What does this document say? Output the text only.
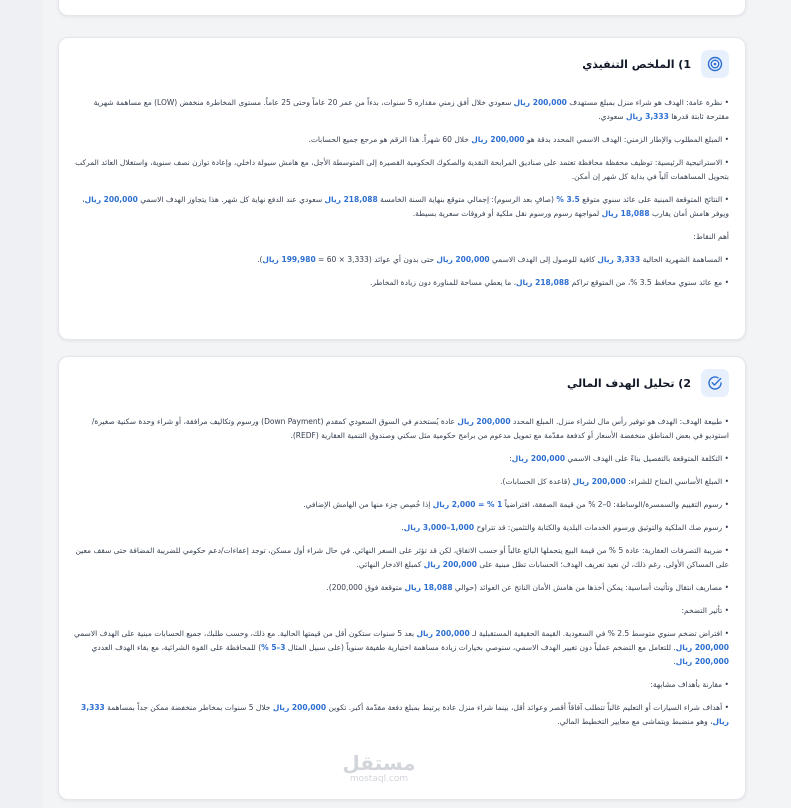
1) الملخص التنفيذي

• نظرة عامة: الهدف هو شراء منزل بمبلغ مستهدف 200,000 ريال سعودي خلال أفق زمني مقداره 5 سنوات، بدءاً من عمر 20 عاماً وحتى 25 عاماً. مستوى المخاطرة منخفض (LOW) مع مساهمة شهرية مقترحة ثابتة قدرها 3,333 ريال سعودي.

• المبلغ المطلوب والإطار الزمني: الهدف الاسمي المحدد بدقة هو 200,000 ريال خلال 60 شهراً. هذا الرقم هو مرجع جميع الحسابات.

• الاستراتيجية الرئيسية: توظيف محفظة محافظة تعتمد على صناديق المرابحة النقدية والصكوك الحكومية القصيرة إلى المتوسطة الأجل، مع هامش سيولة داخلي، وإعادة توازن نصف سنوية، واستغلال العائد المركب بتحويل المساهمات آلياً في بداية كل شهر إن أمكن.

• النتائج المتوقعة المبنية على عائد سنوي متوقع 3.5 % (صافٍ بعد الرسوم): إجمالي متوقع بنهاية السنة الخامسة 218,088 ريال سعودي عند الدفع نهاية كل شهر. هذا يتجاوز الهدف الاسمي 200,000 ريال، ويوفر هامش أمان يقارب 18,088 ريال لمواجهة رسوم ورسوم نقل ملكية أو فروقات سعرية بسيطة.

أهم النقاط:

• المساهمة الشهرية الحالية 3,333 ريال كافية للوصول إلى الهدف الاسمي 200,000 ريال حتى بدون أي عوائد (3,333 × 60 = 199,980 ريال).

• مع عائد سنوي محافظ 3.5 %، من المتوقع تراكم 218,088 ريال، ما يعطي مساحة للمناورة دون زيادة المخاطر.

2) تحليل الهدف المالي

• طبيعة الهدف: الهدف هو توفير رأس مال لشراء منزل. المبلغ المحدد 200,000 ريال عادة يُستخدم في السوق السعودي كمقدم (Down Payment) ورسوم وتكاليف مرافقة، أو شراء وحدة سكنية صغيرة/استوديو في بعض المناطق منخفضة الأسعار أو كدفعة مقدّمة مع تمويل مدعوم من برامج حكومية مثل سكني وصندوق التنمية العقارية (REDF).

• التكلفة المتوقعة بالتفصيل بناءً على الهدف الاسمي 200,000 ريال:

• المبلغ الأساسي المتاح للشراء: 200,000 ريال (قاعدة كل الحسابات).

• رسوم التقييم والسمسرة/الوساطة: 0–2 % من قيمة الصفقة، افتراضياً 1 % = 2,000 ريال إذا خُصِص جزء منها من الهامش الإضافي.

• رسوم صك الملكية والتوثيق ورسوم الخدمات البلدية والكتابة والتثمين: قد تتراوح 1,000–3,000 ريال.

• ضريبة التصرفات العقارية: عادة 5 % من قيمة البيع يتحملها البائع غالباً أو حسب الاتفاق، لكن قد تؤثر على السعر النهائي. في حال شراء أول مسكن، توجد إعفاءات/دعم حكومي للضريبة المضافة حتى سقف معين على المساكن الأولى. رغم ذلك، لن نعيد تعريف الهدف؛ الحسابات تظل مبنية على 200,000 ريال كمبلغ الادخار النهائي.

• مصاريف انتقال وتأثيث أساسية: يمكن أخذها من هامش الأمان الناتج عن العوائد (حوالي 18,088 ريال متوقعة فوق 200,000).

• تأثير التضخم:

• افتراض تضخم سنوي متوسط 2.5 % في السعودية. القيمة الحقيقية المستقبلية لـ 200,000 ريال بعد 5 سنوات ستكون أقل من قيمتها الحالية. مع ذلك، وحسب طلبك، جميع الحسابات مبنية على الهدف الاسمي 200,000 ريال. للتعامل مع التضخم عملياً دون تغيير الهدف الاسمي، سنوصي بخيارات زيادة مساهمة اختيارية طفيفة سنوياً (على سبيل المثال 3–5 %) للمحافظة على القوة الشرائية، مع بقاء الهدف العددي 200,000 ريال.

• مقارنة بأهداف مشابهة:

• أهداف شراء السيارات أو التعليم غالباً تتطلب آفاقاً أقصر وعوائد أقل، بينما شراء منزل عادة يرتبط بمبلغ دفعة مقدّمة أكبر. تكوين 200,000 ريال خلال 5 سنوات بمخاطر منخفضة ممكن جداً بمساهمة 3,333 ريال، وهو منضبط ويتماشى مع معايير التخطيط المالي.

مستقل
mostaql.com
